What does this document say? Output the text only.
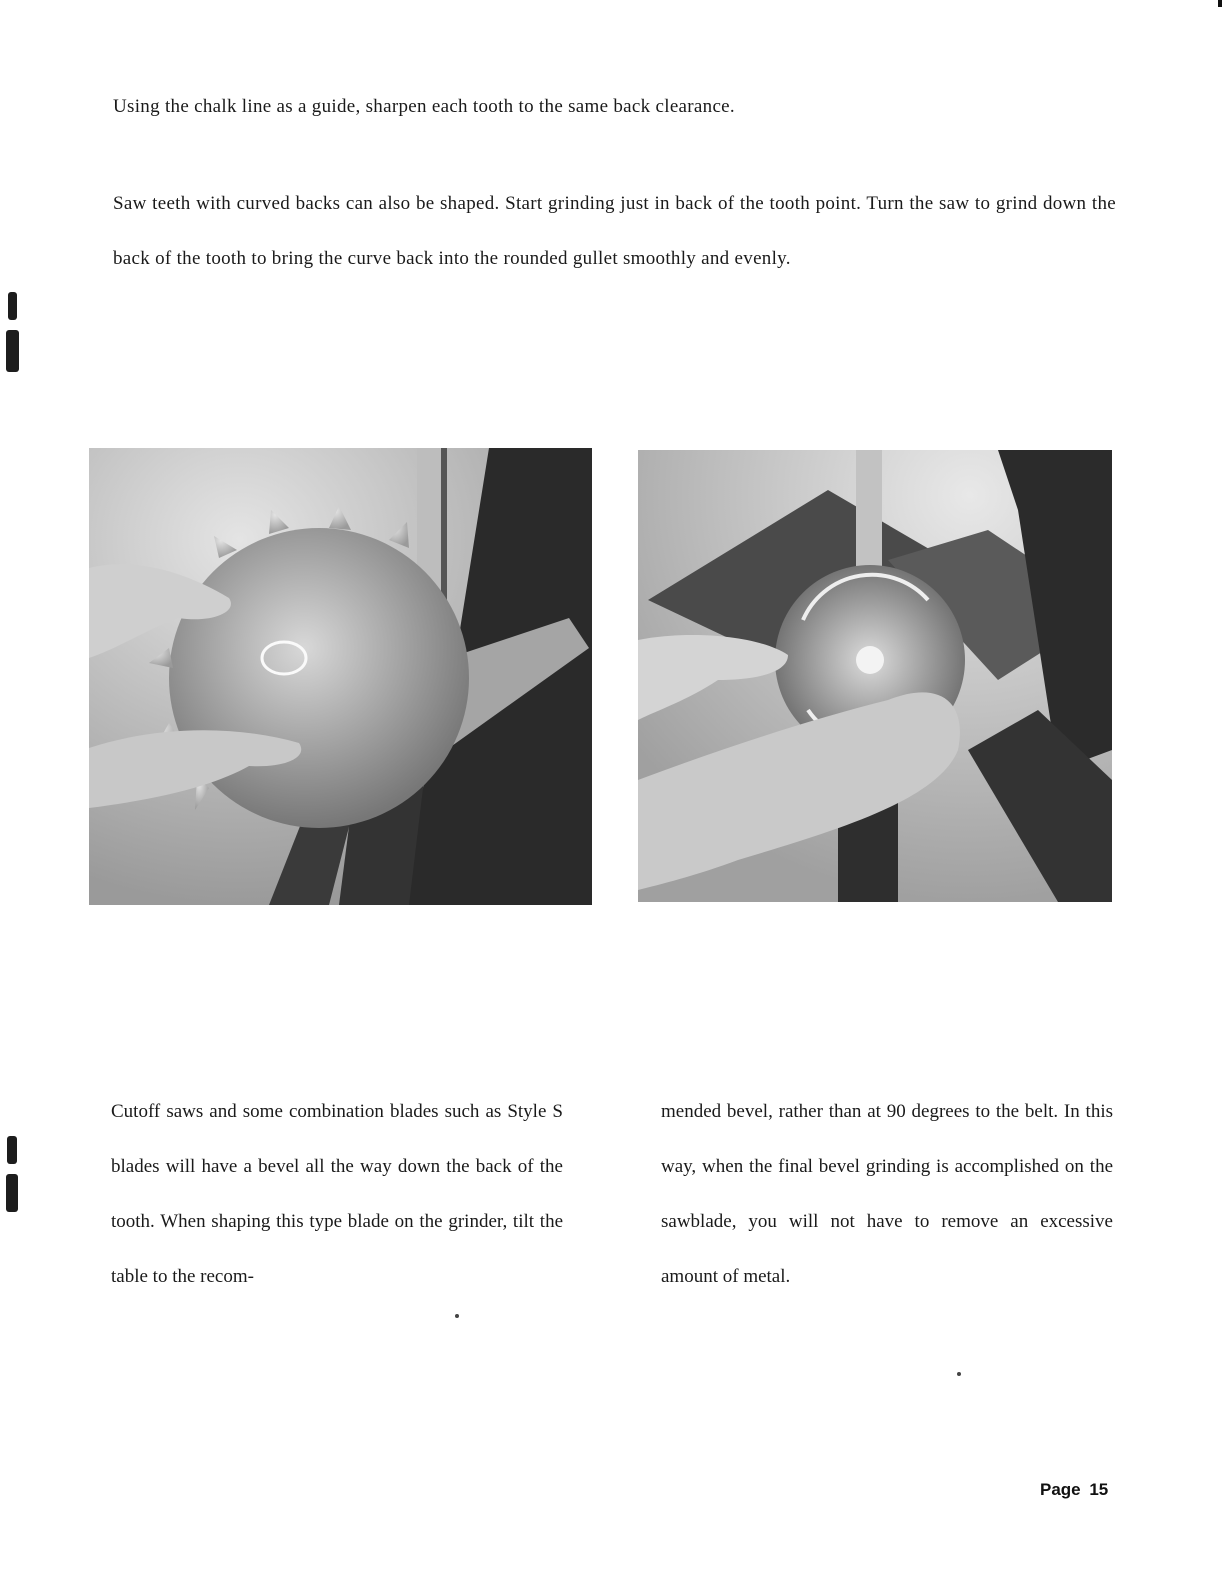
Using the chalk line as a guide, sharpen each tooth to the same back clearance.

Saw teeth with curved backs can also be shaped. Start grinding just in back of the tooth point. Turn the saw to grind down the back of the tooth to bring the curve back into the rounded gullet smoothly and evenly.

Cutoff saws and some combination blades such as Style S blades will have a bevel all the way down the back of the tooth. When shaping this type blade on the grinder, tilt the table to the recom-

mended bevel, rather than at 90 degrees to the belt. In this way, when the final bevel grinding is accomplished on the sawblade, you will not have to remove an excessive amount of metal.

Page 15
